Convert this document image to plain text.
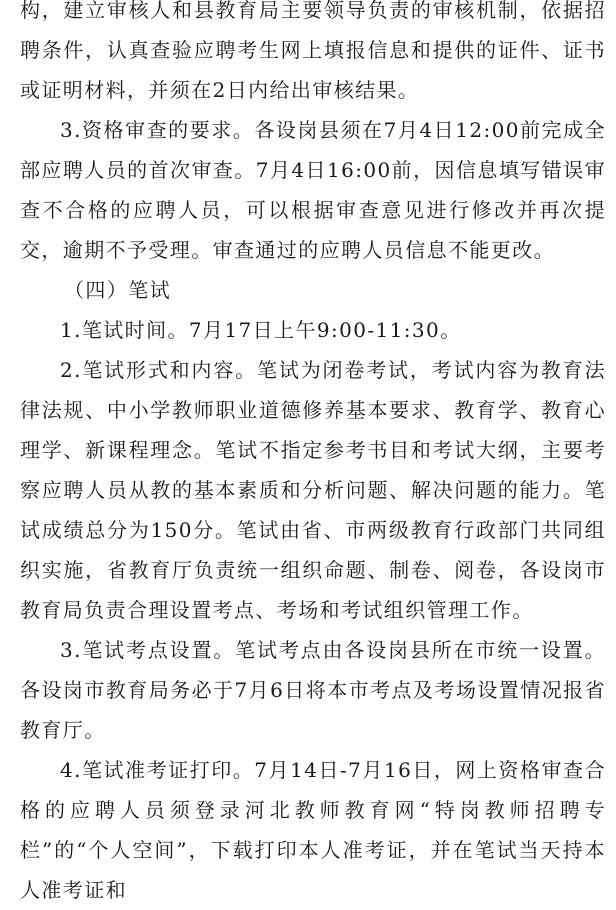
构，建立审核人和县教育局主要领导负责的审核机制，依据招聘条件，认真查验应聘考生网上填报信息和提供的证件、证书或证明材料，并须在2日内给出审核结果。

3.资格审查的要求。各设岗县须在7月4日12:00前完成全部应聘人员的首次审查。7月4日16:00前，因信息填写错误审查不合格的应聘人员，可以根据审查意见进行修改并再次提交，逾期不予受理。审查通过的应聘人员信息不能更改。

（四）笔试

1.笔试时间。7月17日上午9:00-11:30。

2.笔试形式和内容。笔试为闭卷考试，考试内容为教育法律法规、中小学教师职业道德修养基本要求、教育学、教育心理学、新课程理念。笔试不指定参考书目和考试大纲，主要考察应聘人员从教的基本素质和分析问题、解决问题的能力。笔试成绩总分为150分。笔试由省、市两级教育行政部门共同组织实施，省教育厅负责统一组织命题、制卷、阅卷，各设岗市教育局负责合理设置考点、考场和考试组织管理工作。

3.笔试考点设置。笔试考点由各设岗县所在市统一设置。各设岗市教育局务必于7月6日将本市考点及考场设置情况报省教育厅。

4.笔试准考证打印。7月14日-7月16日，网上资格审查合格的应聘人员须登录河北教师教育网“特岗教师招聘专栏”的“个人空间”，下载打印本人准考证，并在笔试当天持本人准考证和
